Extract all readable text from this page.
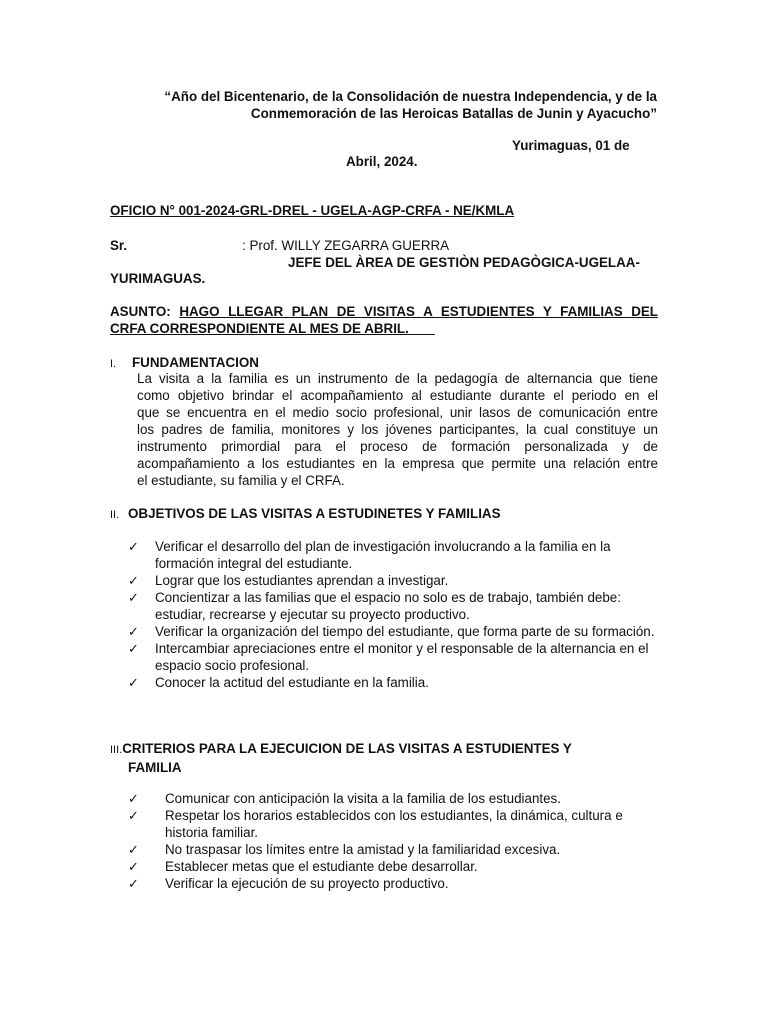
“Año del Bicentenario, de la Consolidación de nuestra Independencia, y de la
Conmemoración de las Heroicas Batallas de Junin y Ayacucho”
Yurimaguas, 01 de
Abril, 2024.
OFICIO N° 001-2024-GRL-DREL - UGELA-AGP-CRFA - NE/KMLA
Sr.	: Prof. WILLY ZEGARRA GUERRA
JEFE DEL ÀREA DE GESTIÒN PEDAGÒGICA-UGELAA-
YURIMAGUAS.
ASUNTO: HAGO LLEGAR PLAN DE VISITAS A ESTUDIENTES Y FAMILIAS DEL
CRFA CORRESPONDIENTE AL MES DE ABRIL.
I. FUNDAMENTACION
La visita a la familia es un instrumento de la pedagogía de alternancia que tiene
como objetivo brindar el acompañamiento al estudiante durante el periodo en el
que se encuentra en el medio socio profesional, unir lasos de comunicación entre
los padres de familia, monitores y los jóvenes participantes, la cual constituye un
instrumento primordial para el proceso de formación personalizada y de
acompañamiento a los estudiantes en la empresa que permite una relación entre
el estudiante, su familia y el CRFA.
II. OBJETIVOS DE LAS VISITAS A ESTUDINETES Y FAMILIAS
✓ Verificar el desarrollo del plan de investigación involucrando a la familia en la formación integral del estudiante.
✓ Lograr que los estudiantes aprendan a investigar.
✓ Concientizar a las familias que el espacio no solo es de trabajo, también debe: estudiar, recrearse y ejecutar su proyecto productivo.
✓ Verificar la organización del tiempo del estudiante, que forma parte de su formación.
✓ Intercambiar apreciaciones entre el monitor y el responsable de la alternancia en el espacio socio profesional.
✓ Conocer la actitud del estudiante en la familia.
III.CRITERIOS PARA LA EJECUICION DE LAS VISITAS A ESTUDIENTES Y
FAMILIA
✓ Comunicar con anticipación la visita a la familia de los estudiantes.
✓ Respetar los horarios establecidos con los estudiantes, la dinámica, cultura e historia familiar.
✓ No traspasar los límites entre la amistad y la familiaridad excesiva.
✓ Establecer metas que el estudiante debe desarrollar.
✓ Verificar la ejecución de su proyecto productivo.
